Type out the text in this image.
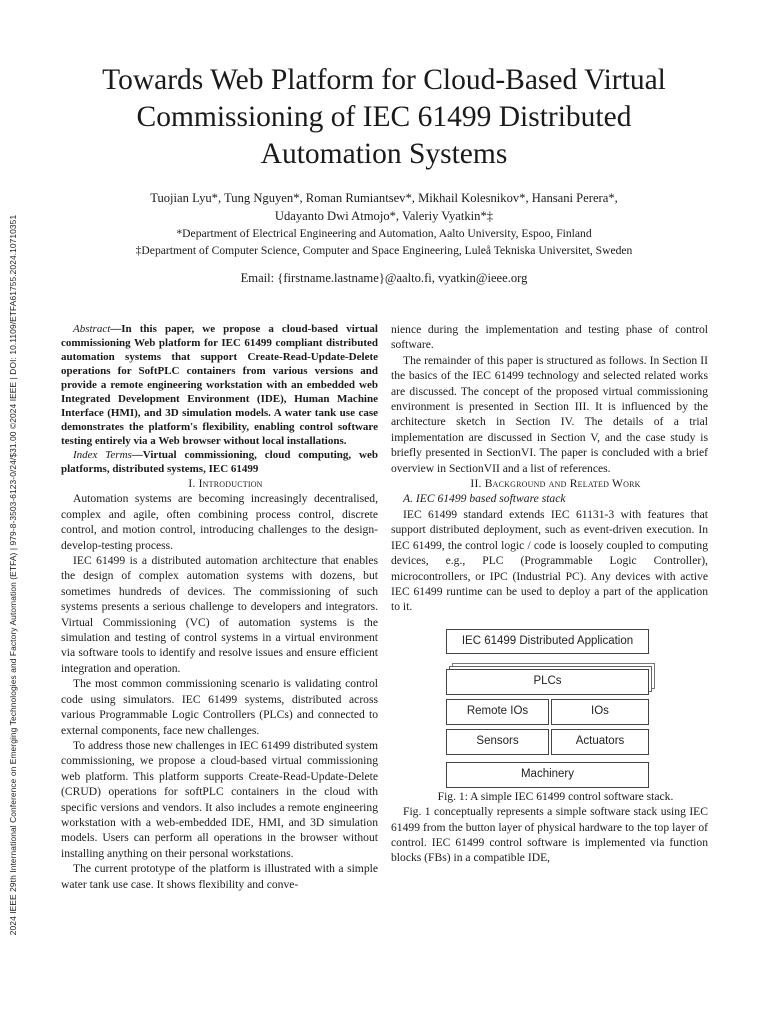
2024 IEEE 29th International Conference on Emerging Technologies and Factory Automation (ETFA) | 979-8-3503-6123-0/24/$31.00 ©2024 IEEE | DOI: 10.1109/ETFA61755.2024.10710351
Towards Web Platform for Cloud-Based Virtual
Commissioning of IEC 61499 Distributed
Automation Systems
Tuojian Lyu*, Tung Nguyen*, Roman Rumiantsev*, Mikhail Kolesnikov*, Hansani Perera*,
Udayanto Dwi Atmojo*, Valeriy Vyatkin*‡
*Department of Electrical Engineering and Automation, Aalto University, Espoo, Finland
‡Department of Computer Science, Computer and Space Engineering, Luleå Tekniska Universitet, Sweden
Email: {firstname.lastname}@aalto.fi, vyatkin@ieee.org

Abstract—In this paper, we propose a cloud-based virtual commissioning Web platform for IEC 61499 compliant distributed automation systems that support Create-Read-Update-Delete operations for SoftPLC containers from various versions and provide a remote engineering workstation with an embedded web Integrated Development Environment (IDE), Human Machine Interface (HMI), and 3D simulation models. A water tank use case demonstrates the platform's flexibility, enabling control software testing entirely via a Web browser without local installations.

Index Terms—Virtual commissioning, cloud computing, web platforms, distributed systems, IEC 61499

I. Introduction

Automation systems are becoming increasingly decentralised, complex and agile, often combining process control, discrete control, and motion control, introducing challenges to the design-develop-testing process.

IEC 61499 is a distributed automation architecture that enables the design of complex automation systems with dozens, but sometimes hundreds of devices. The commissioning of such systems presents a serious challenge to developers and integrators. Virtual Commissioning (VC) of automation systems is the simulation and testing of control systems in a virtual environment via software tools to identify and resolve issues and ensure efficient integration and operation.

The most common commissioning scenario is validating control code using simulators. IEC 61499 systems, distributed across various Programmable Logic Controllers (PLCs) and connected to external components, face new challenges.

To address those new challenges in IEC 61499 distributed system commissioning, we propose a cloud-based virtual commissioning web platform. This platform supports Create-Read-Update-Delete (CRUD) operations for softPLC containers in the cloud with specific versions and vendors. It also includes a remote engineering workstation with a web-embedded IDE, HMI, and 3D simulation models. Users can perform all operations in the browser without installing anything on their personal workstations.

The current prototype of the platform is illustrated with a simple water tank use case. It shows flexibility and conve-

nience during the implementation and testing phase of control software.

The remainder of this paper is structured as follows. In Section II the basics of the IEC 61499 technology and selected related works are discussed. The concept of the proposed virtual commissioning environment is presented in Section III. It is influenced by the architecture sketch in Section IV. The details of a trial implementation are discussed in Section V, and the case study is briefly presented in SectionVI. The paper is concluded with a brief overview in SectionVII and a list of references.

II. Background and Related Work

A. IEC 61499 based software stack

IEC 61499 standard extends IEC 61131-3 with features that support distributed deployment, such as event-driven execution. In IEC 61499, the control logic / code is loosely coupled to computing devices, e.g., PLC (Programmable Logic Controller), microcontrollers, or IPC (Industrial PC). Any devices with active IEC 61499 runtime can be used to deploy a part of the application to it.

IEC 61499 Distributed Application
PLCs
Remote IOs	IOs
Sensors	Actuators
Machinery

Fig. 1: A simple IEC 61499 control software stack.

Fig. 1 conceptually represents a simple software stack using IEC 61499 from the button layer of physical hardware to the top layer of control. IEC 61499 control software is implemented via function blocks (FBs) in a compatible IDE,
